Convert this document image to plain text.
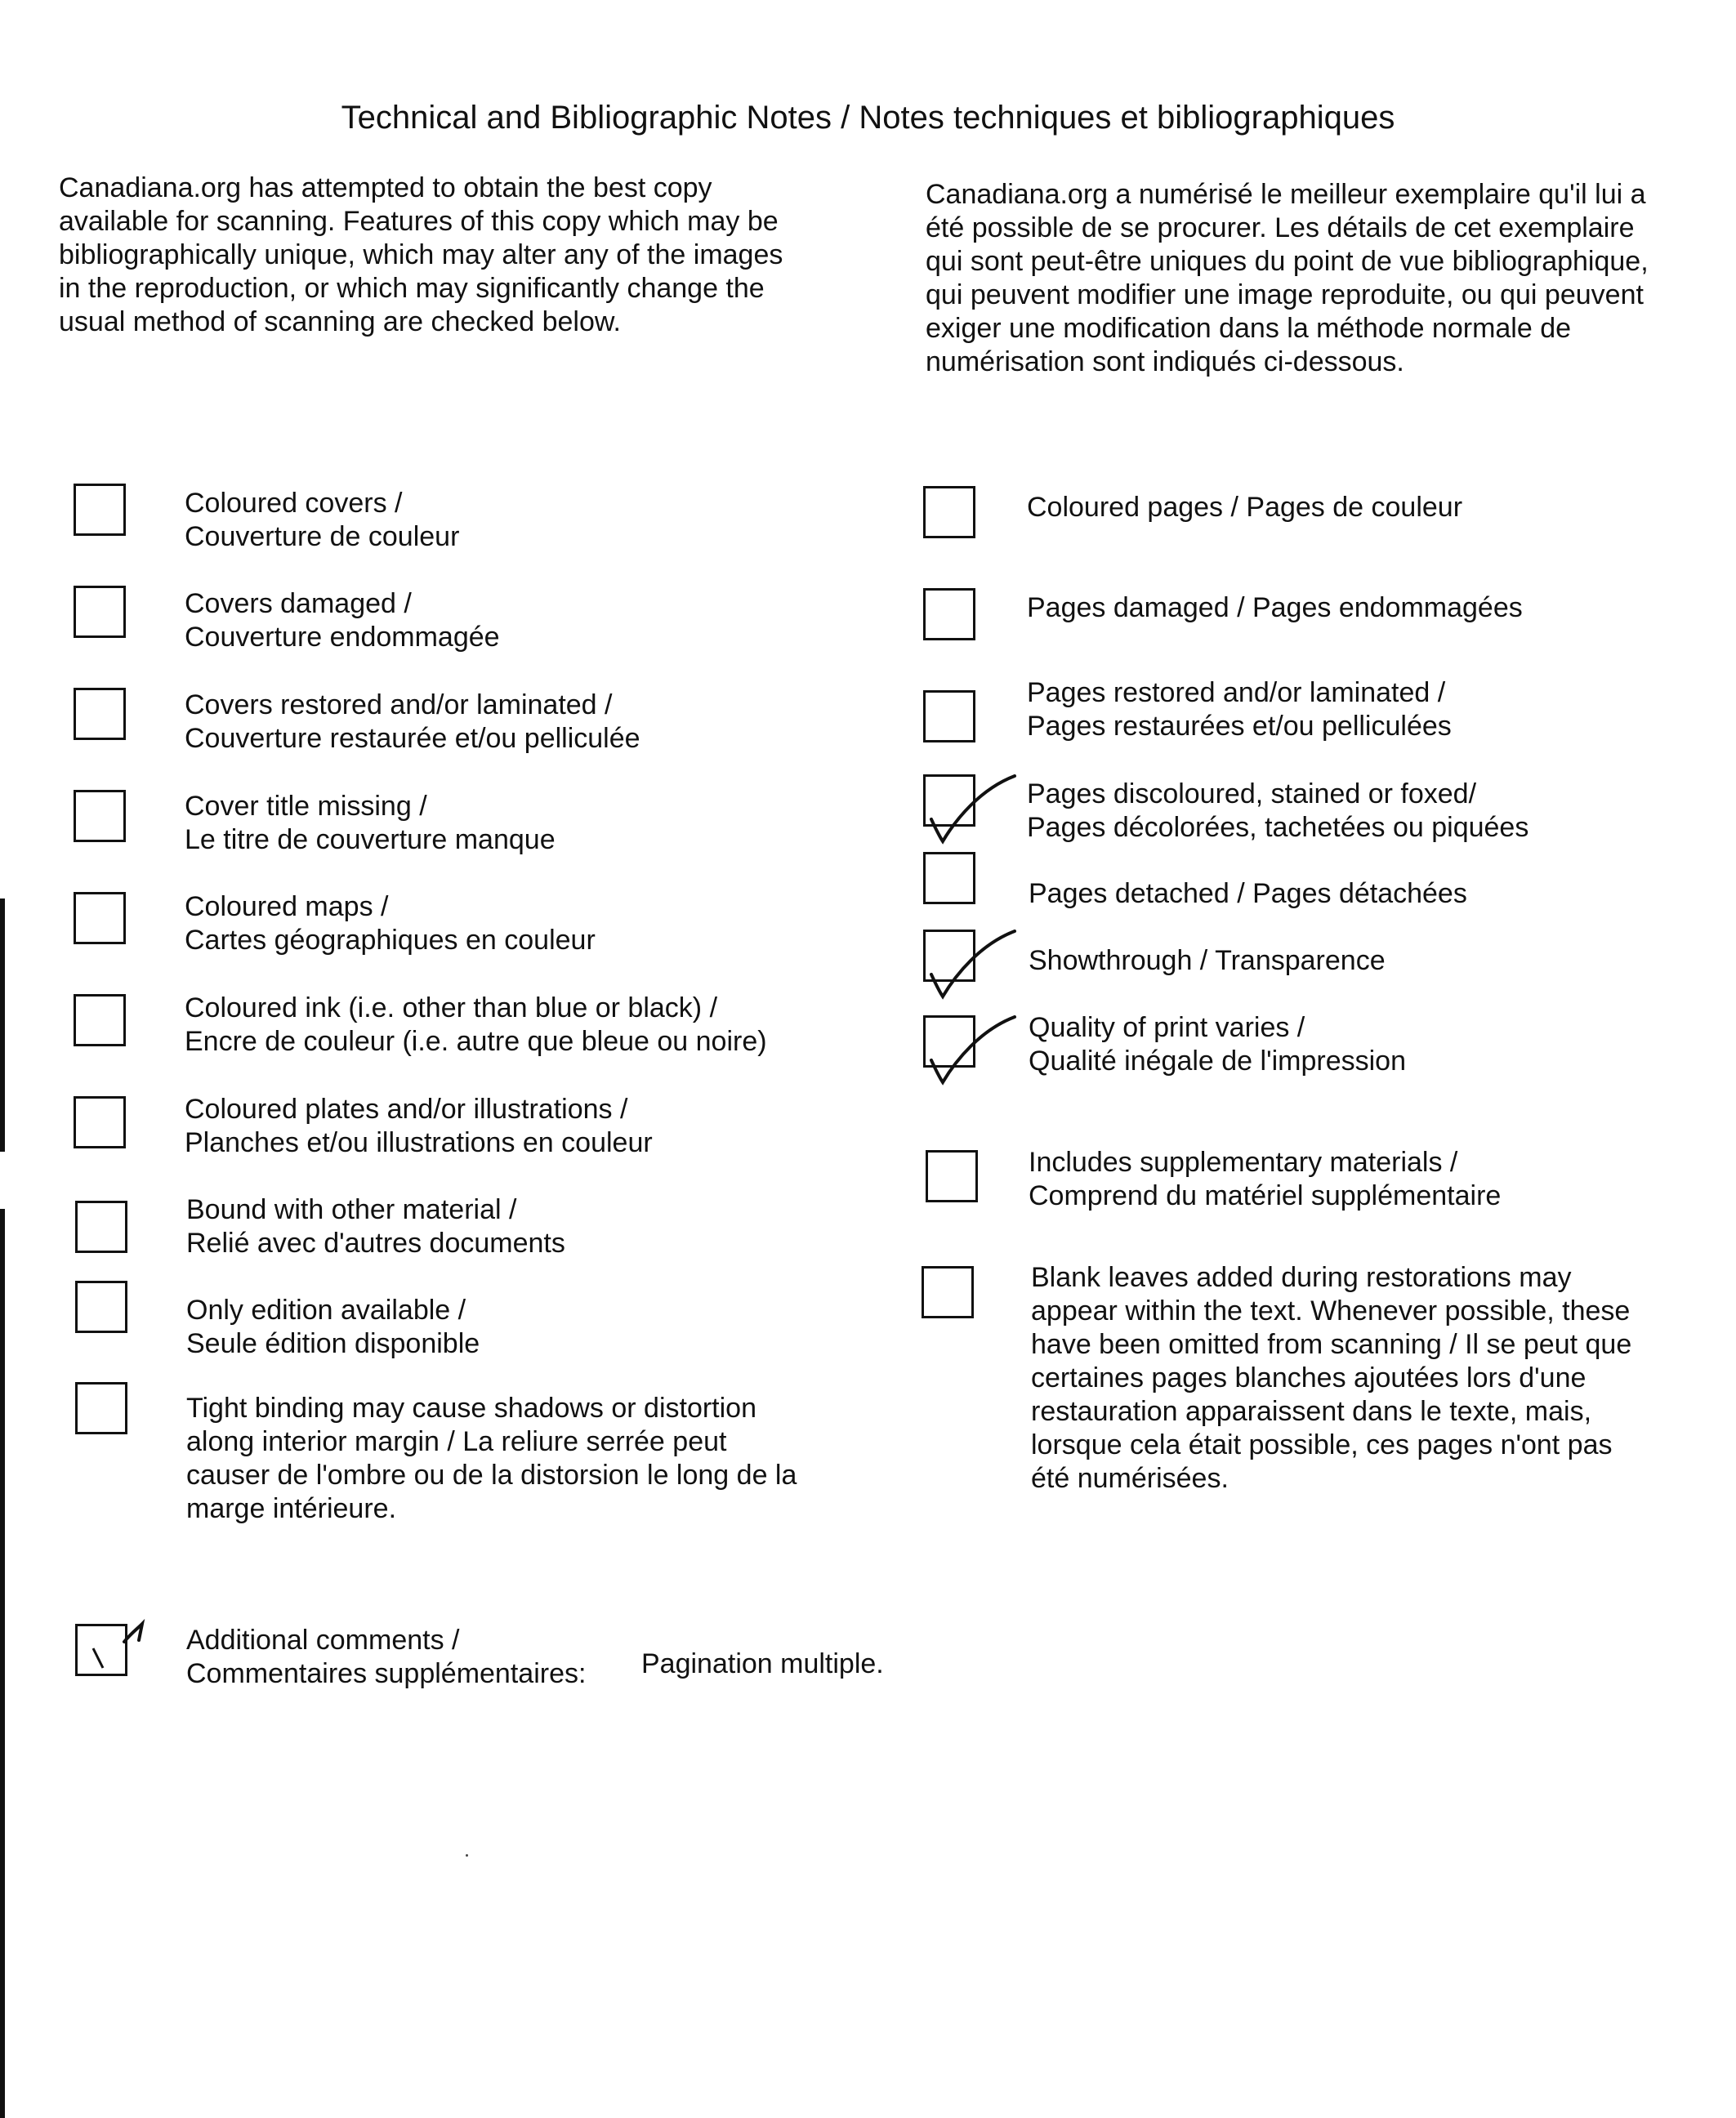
Technical and Bibliographic Notes / Notes techniques et bibliographiques
Canadiana.org has attempted to obtain the best copy
available for scanning. Features of this copy which may be
bibliographically unique, which may alter any of the images
in the reproduction, or which may significantly change the
usual method of scanning are checked below.
Canadiana.org a numérisé le meilleur exemplaire qu'il lui a
été possible de se procurer. Les détails de cet exemplaire
qui sont peut-être uniques du point de vue bibliographique,
qui peuvent modifier une image reproduite, ou qui peuvent
exiger une modification dans la méthode normale de
numérisation sont indiqués ci-dessous.
Coloured covers /
Couverture de couleur
Covers damaged /
Couverture endommagée
Covers restored and/or laminated /
Couverture restaurée et/ou pelliculée
Cover title missing /
Le titre de couverture manque
Coloured maps /
Cartes géographiques en couleur
Coloured ink (i.e. other than blue or black) /
Encre de couleur (i.e. autre que bleue ou noire)
Coloured plates and/or illustrations /
Planches et/ou illustrations en couleur
Bound with other material /
Relié avec d'autres documents
Only edition available /
Seule édition disponible
Tight binding may cause shadows or distortion
along interior margin / La reliure serrée peut
causer de l'ombre ou de la distorsion le long de la
marge intérieure.
Additional comments /
Commentaires supplémentaires:
Coloured pages / Pages de couleur
Pages damaged / Pages endommagées
Pages restored and/or laminated /
Pages restaurées et/ou pelliculées
Pages discoloured, stained or foxed/
Pages décolorées, tachetées ou piquées
Pages detached / Pages détachées
Showthrough / Transparence
Quality of print varies /
Qualité inégale de l'impression
Includes supplementary materials /
Comprend du matériel supplémentaire
Blank leaves added during restorations may
appear within the text. Whenever possible, these
have been omitted from scanning / Il se peut que
certaines pages blanches ajoutées lors d'une
restauration apparaissent dans le texte, mais,
lorsque cela était possible, ces pages n'ont pas
été numérisées.
Pagination multiple.
